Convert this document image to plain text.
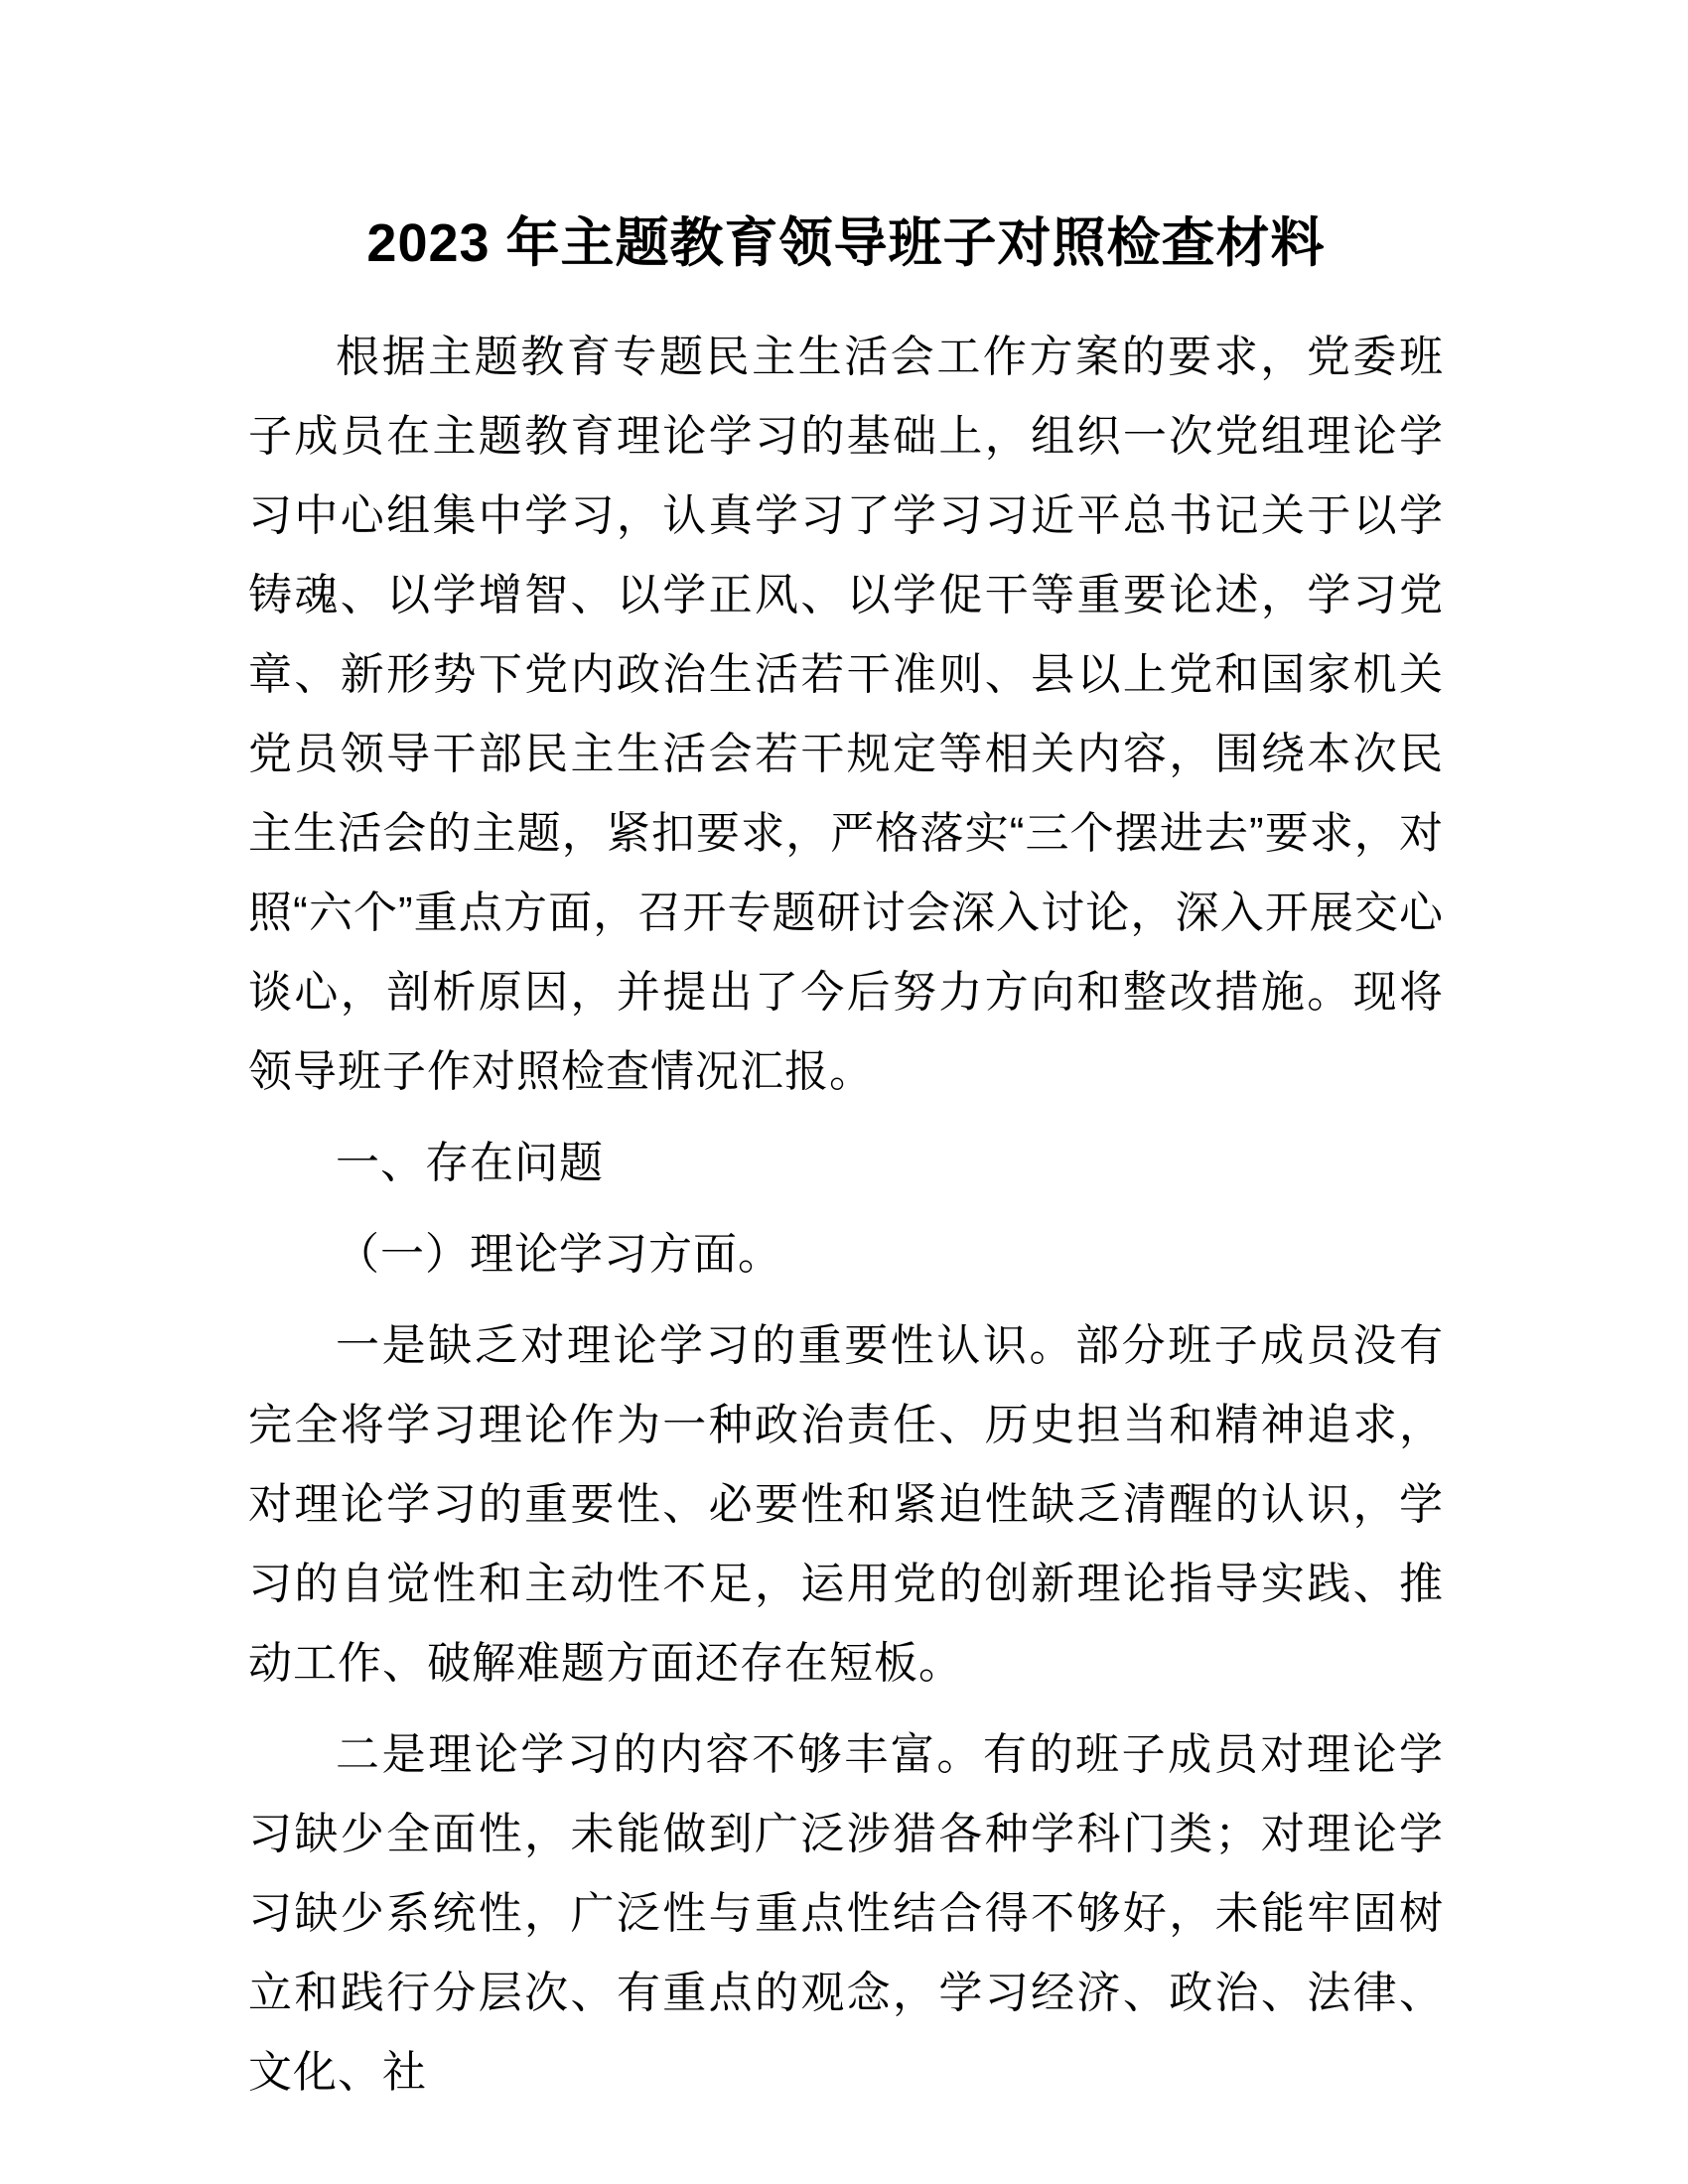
2023 年主题教育领导班子对照检查材料

根据主题教育专题民主生活会工作方案的要求，党委班子成员在主题教育理论学习的基础上，组织一次党组理论学习中心组集中学习，认真学习了学习习近平总书记关于以学铸魂、以学增智、以学正风、以学促干等重要论述，学习党章、新形势下党内政治生活若干准则、县以上党和国家机关党员领导干部民主生活会若干规定等相关内容，围绕本次民主生活会的主题，紧扣要求，严格落实“三个摆进去”要求，对照“六个”重点方面，召开专题研讨会深入讨论，深入开展交心谈心，剖析原因，并提出了今后努力方向和整改措施。现将领导班子作对照检查情况汇报。

一、存在问题

（一）理论学习方面。

一是缺乏对理论学习的重要性认识。部分班子成员没有完全将学习理论作为一种政治责任、历史担当和精神追求，对理论学习的重要性、必要性和紧迫性缺乏清醒的认识，学习的自觉性和主动性不足，运用党的创新理论指导实践、推动工作、破解难题方面还存在短板。

二是理论学习的内容不够丰富。有的班子成员对理论学习缺少全面性，未能做到广泛涉猎各种学科门类；对理论学习缺少系统性，广泛性与重点性结合得不够好，未能牢固树立和践行分层次、有重点的观念，学习经济、政治、法律、文化、社
